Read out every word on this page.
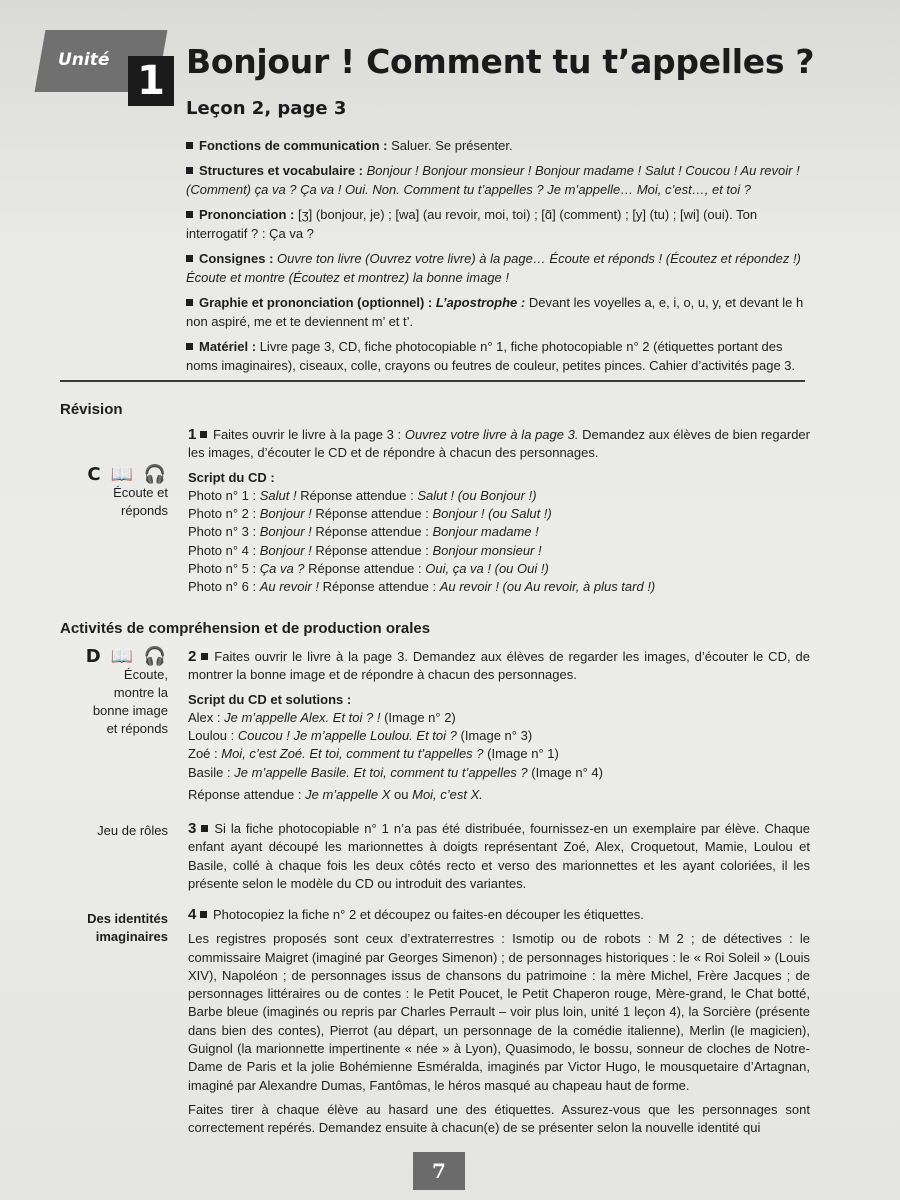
Unité 1 Bonjour ! Comment tu t’appelles ?
Leçon 2, page 3

Fonctions de communication : Saluer. Se présenter.

Structures et vocabulaire : Bonjour ! Bonjour monsieur ! Bonjour madame ! Salut ! Coucou ! Au revoir ! (Comment) ça va ? Ça va ! Oui. Non. Comment tu t’appelles ? Je m’appelle… Moi, c’est…, et toi ?

Prononciation : [ʒ] (bonjour, je) ; [wa] (au revoir, moi, toi) ; [ɑ̃] (comment) ; [y] (tu) ; [wi] (oui). Ton interrogatif ? : Ça va ?

Consignes : Ouvre ton livre (Ouvrez votre livre) à la page… Écoute et réponds ! (Écoutez et répondez !) Écoute et montre (Écoutez et montrez) la bonne image !

Graphie et prononciation (optionnel) : L’apostrophe : Devant les voyelles a, e, i, o, u, y, et devant le h non aspiré, me et te deviennent m’ et t’.

Matériel : Livre page 3, CD, fiche photocopiable n° 1, fiche photocopiable n° 2 (étiquettes portant des noms imaginaires), ciseaux, colle, crayons ou feutres de couleur, petites pinces. Cahier d’activités page 3.

Révision
C 📖 🎧
Écoute et
réponds

1 Faites ouvrir le livre à la page 3 : Ouvrez votre livre à la page 3. Demandez aux élèves de bien regarder les images, d’écouter le CD et de répondre à chacun des personnages.

Script du CD :

Photo n° 1 : Salut ! Réponse attendue : Salut ! (ou Bonjour !)

Photo n° 2 : Bonjour ! Réponse attendue : Bonjour ! (ou Salut !)

Photo n° 3 : Bonjour ! Réponse attendue : Bonjour madame !

Photo n° 4 : Bonjour ! Réponse attendue : Bonjour monsieur !

Photo n° 5 : Ça va ? Réponse attendue : Oui, ça va ! (ou Oui !)

Photo n° 6 : Au revoir ! Réponse attendue : Au revoir ! (ou Au revoir, à plus tard !)

Activités de compréhension et de production orales
D 📖 🎧
Écoute,
montre la
bonne image
et réponds

2 Faites ouvrir le livre à la page 3. Demandez aux élèves de regarder les images, d’écouter le CD, de montrer la bonne image et de répondre à chacun des personnages.

Script du CD et solutions :

Alex : Je m’appelle Alex. Et toi ? ! (Image n° 2)

Loulou : Coucou ! Je m’appelle Loulou. Et toi ? (Image n° 3)

Zoé : Moi, c’est Zoé. Et toi, comment tu t’appelles ? (Image n° 1)

Basile : Je m’appelle Basile. Et toi, comment tu t’appelles ? (Image n° 4)

Réponse attendue : Je m’appelle X ou Moi, c’est X.

Jeu de rôles 3 Si la fiche photocopiable n° 1 n’a pas été distribuée, fournissez-en un exemplaire par élève. Chaque enfant ayant découpé les marionnettes à doigts représentant Zoé, Alex, Croquetout, Mamie, Loulou et Basile, collé à chaque fois les deux côtés recto et verso des marionnettes et les ayant coloriées, il les présente selon le modèle du CD ou introduit des variantes.

Des identités
imaginaires

4 Photocopiez la fiche n° 2 et découpez ou faites-en découper les étiquettes.

Les registres proposés sont ceux d’extraterrestres : Ismotip ou de robots : M 2 ; de détectives : le commissaire Maigret (imaginé par Georges Simenon) ; de personnages historiques : le « Roi Soleil » (Louis XIV), Napoléon ; de personnages issus de chansons du patrimoine : la mère Michel, Frère Jacques ; de personnages littéraires ou de contes : le Petit Poucet, le Petit Chaperon rouge, Mère-grand, le Chat botté, Barbe bleue (imaginés ou repris par Charles Perrault – voir plus loin, unité 1 leçon 4), la Sorcière (présente dans bien des contes), Pierrot (au départ, un personnage de la comédie italienne), Merlin (le magicien), Guignol (la marionnette impertinente « née » à Lyon), Quasimodo, le bossu, sonneur de cloches de Notre-Dame de Paris et la jolie Bohémienne Esméralda, imaginés par Victor Hugo, le mousquetaire d’Artagnan, imaginé par Alexandre Dumas, Fantômas, le héros masqué au chapeau haut de forme.

Faites tirer à chaque élève au hasard une des étiquettes. Assurez-vous que les personnages sont correctement repérés. Demandez ensuite à chacun(e) de se présenter selon la nouvelle identité qui

7
